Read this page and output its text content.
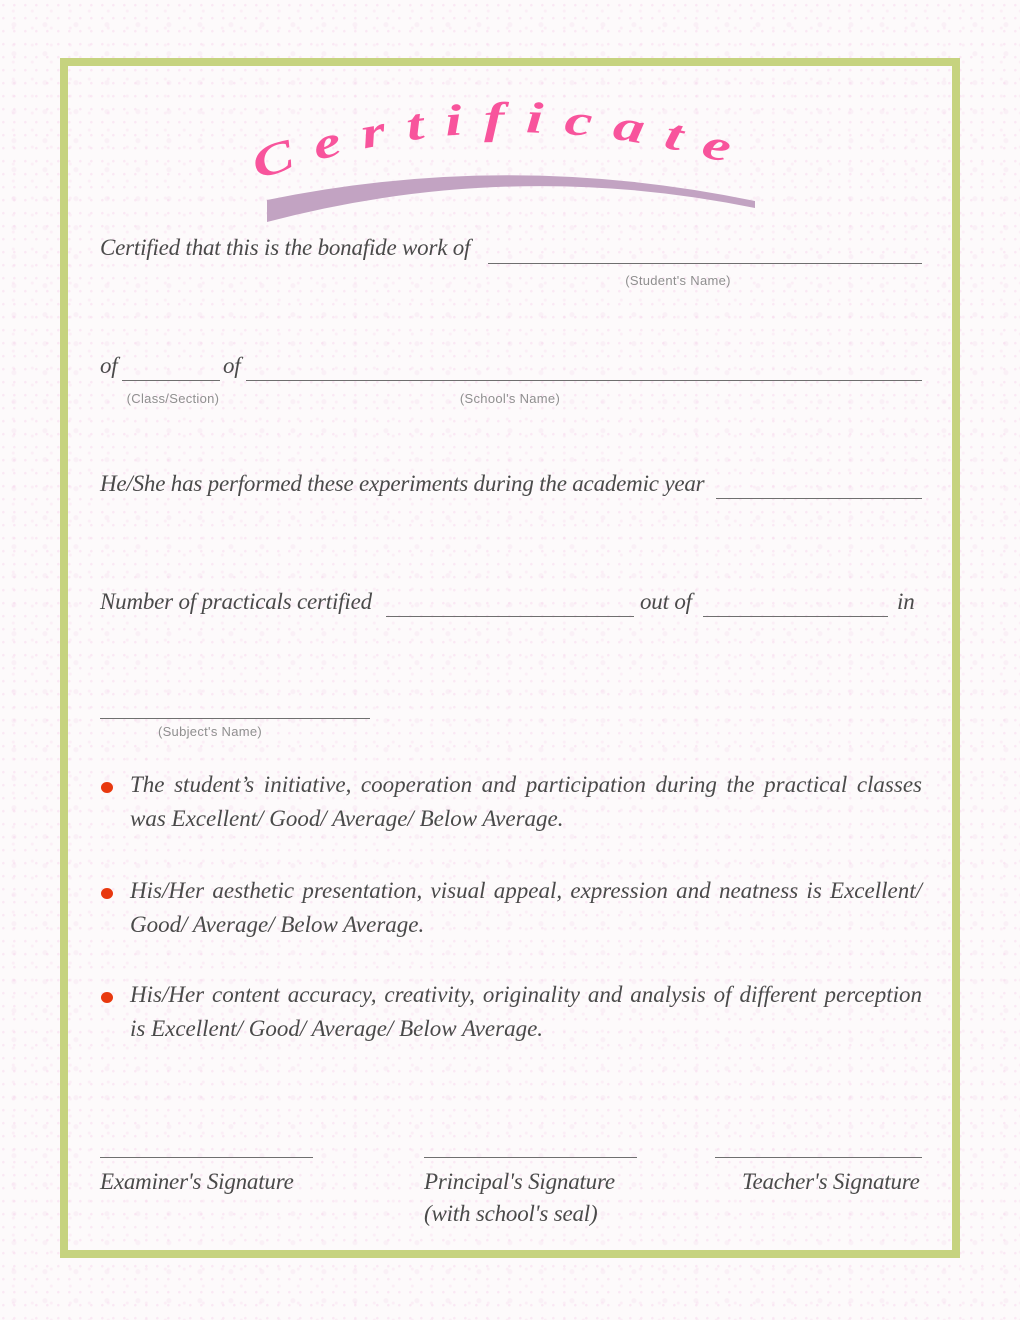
Certificate
Certified that this is the bonafide work of
(Student's Name)
of	of
(Class/Section)	(School's Name)
He/She has performed these experiments during the academic year
Number of practicals certified	out of	in
(Subject's Name)
The student’s initiative, cooperation and participation during the practical classes was Excellent/ Good/ Average/ Below Average.
His/Her aesthetic presentation, visual appeal, expression and neatness is Excellent/ Good/ Average/ Below Average.
His/Her content accuracy, creativity, originality and analysis of different perception is Excellent/ Good/ Average/ Below Average.
Examiner's Signature	Principal's Signature
(with school's seal)
Teacher's Signature
